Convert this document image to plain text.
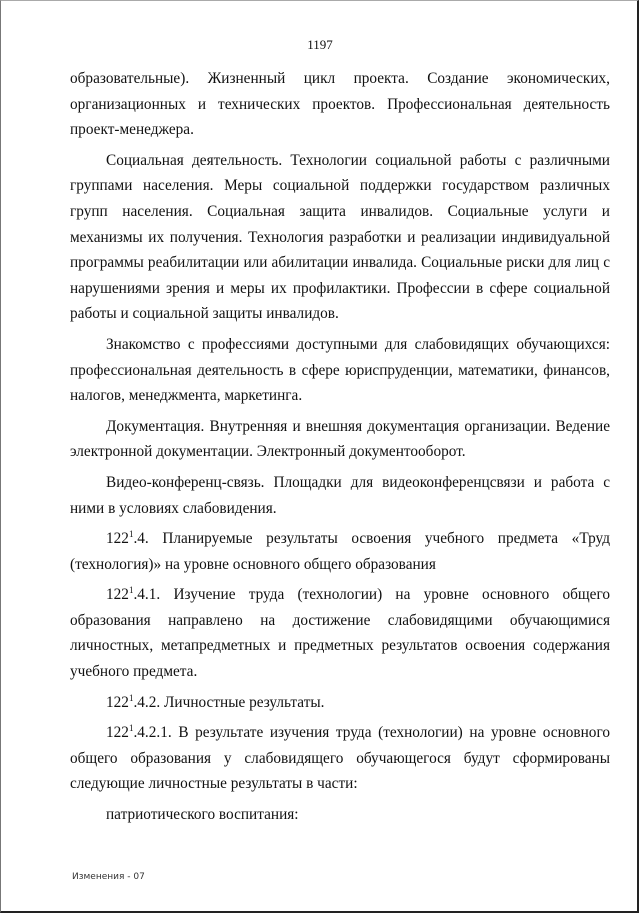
1197

образовательные). Жизненный цикл проекта. Создание экономических, организационных и технических проектов. Профессиональная деятельность проект-менеджера.

Социальная деятельность. Технологии социальной работы с различными группами населения. Меры социальной поддержки государством различных групп населения. Социальная защита инвалидов. Социальные услуги и механизмы их получения. Технология разработки и реализации индивидуальной программы реабилитации или абилитации инвалида. Социальные риски для лиц с нарушениями зрения и меры их профилактики. Профессии в сфере социальной работы и социальной защиты инвалидов.

Знакомство с профессиями доступными для слабовидящих обучающихся: профессиональная деятельность в сфере юриспруденции, математики, финансов, налогов, менеджмента, маркетинга.

Документация. Внутренняя и внешняя документация организации. Ведение электронной документации. Электронный документооборот.

Видео-конференц-связь. Площадки для видеоконференцсвязи и работа с ними в условиях слабовидения.

$122^1.4$. Планируемые результаты освоения учебного предмета «Труд (технология)» на уровне основного общего образования

$122^1.4.1$. Изучение труда (технологии) на уровне основного общего образования направлено на достижение слабовидящими обучающимися личностных, метапредметных и предметных результатов освоения содержания учебного предмета.

$122^1.4.2$. Личностные результаты.

$122^1.4.2.1$. В результате изучения труда (технологии) на уровне основного общего образования у слабовидящего обучающегося будут сформированы следующие личностные результаты в части:

патриотического воспитания:

Изменения - 07
